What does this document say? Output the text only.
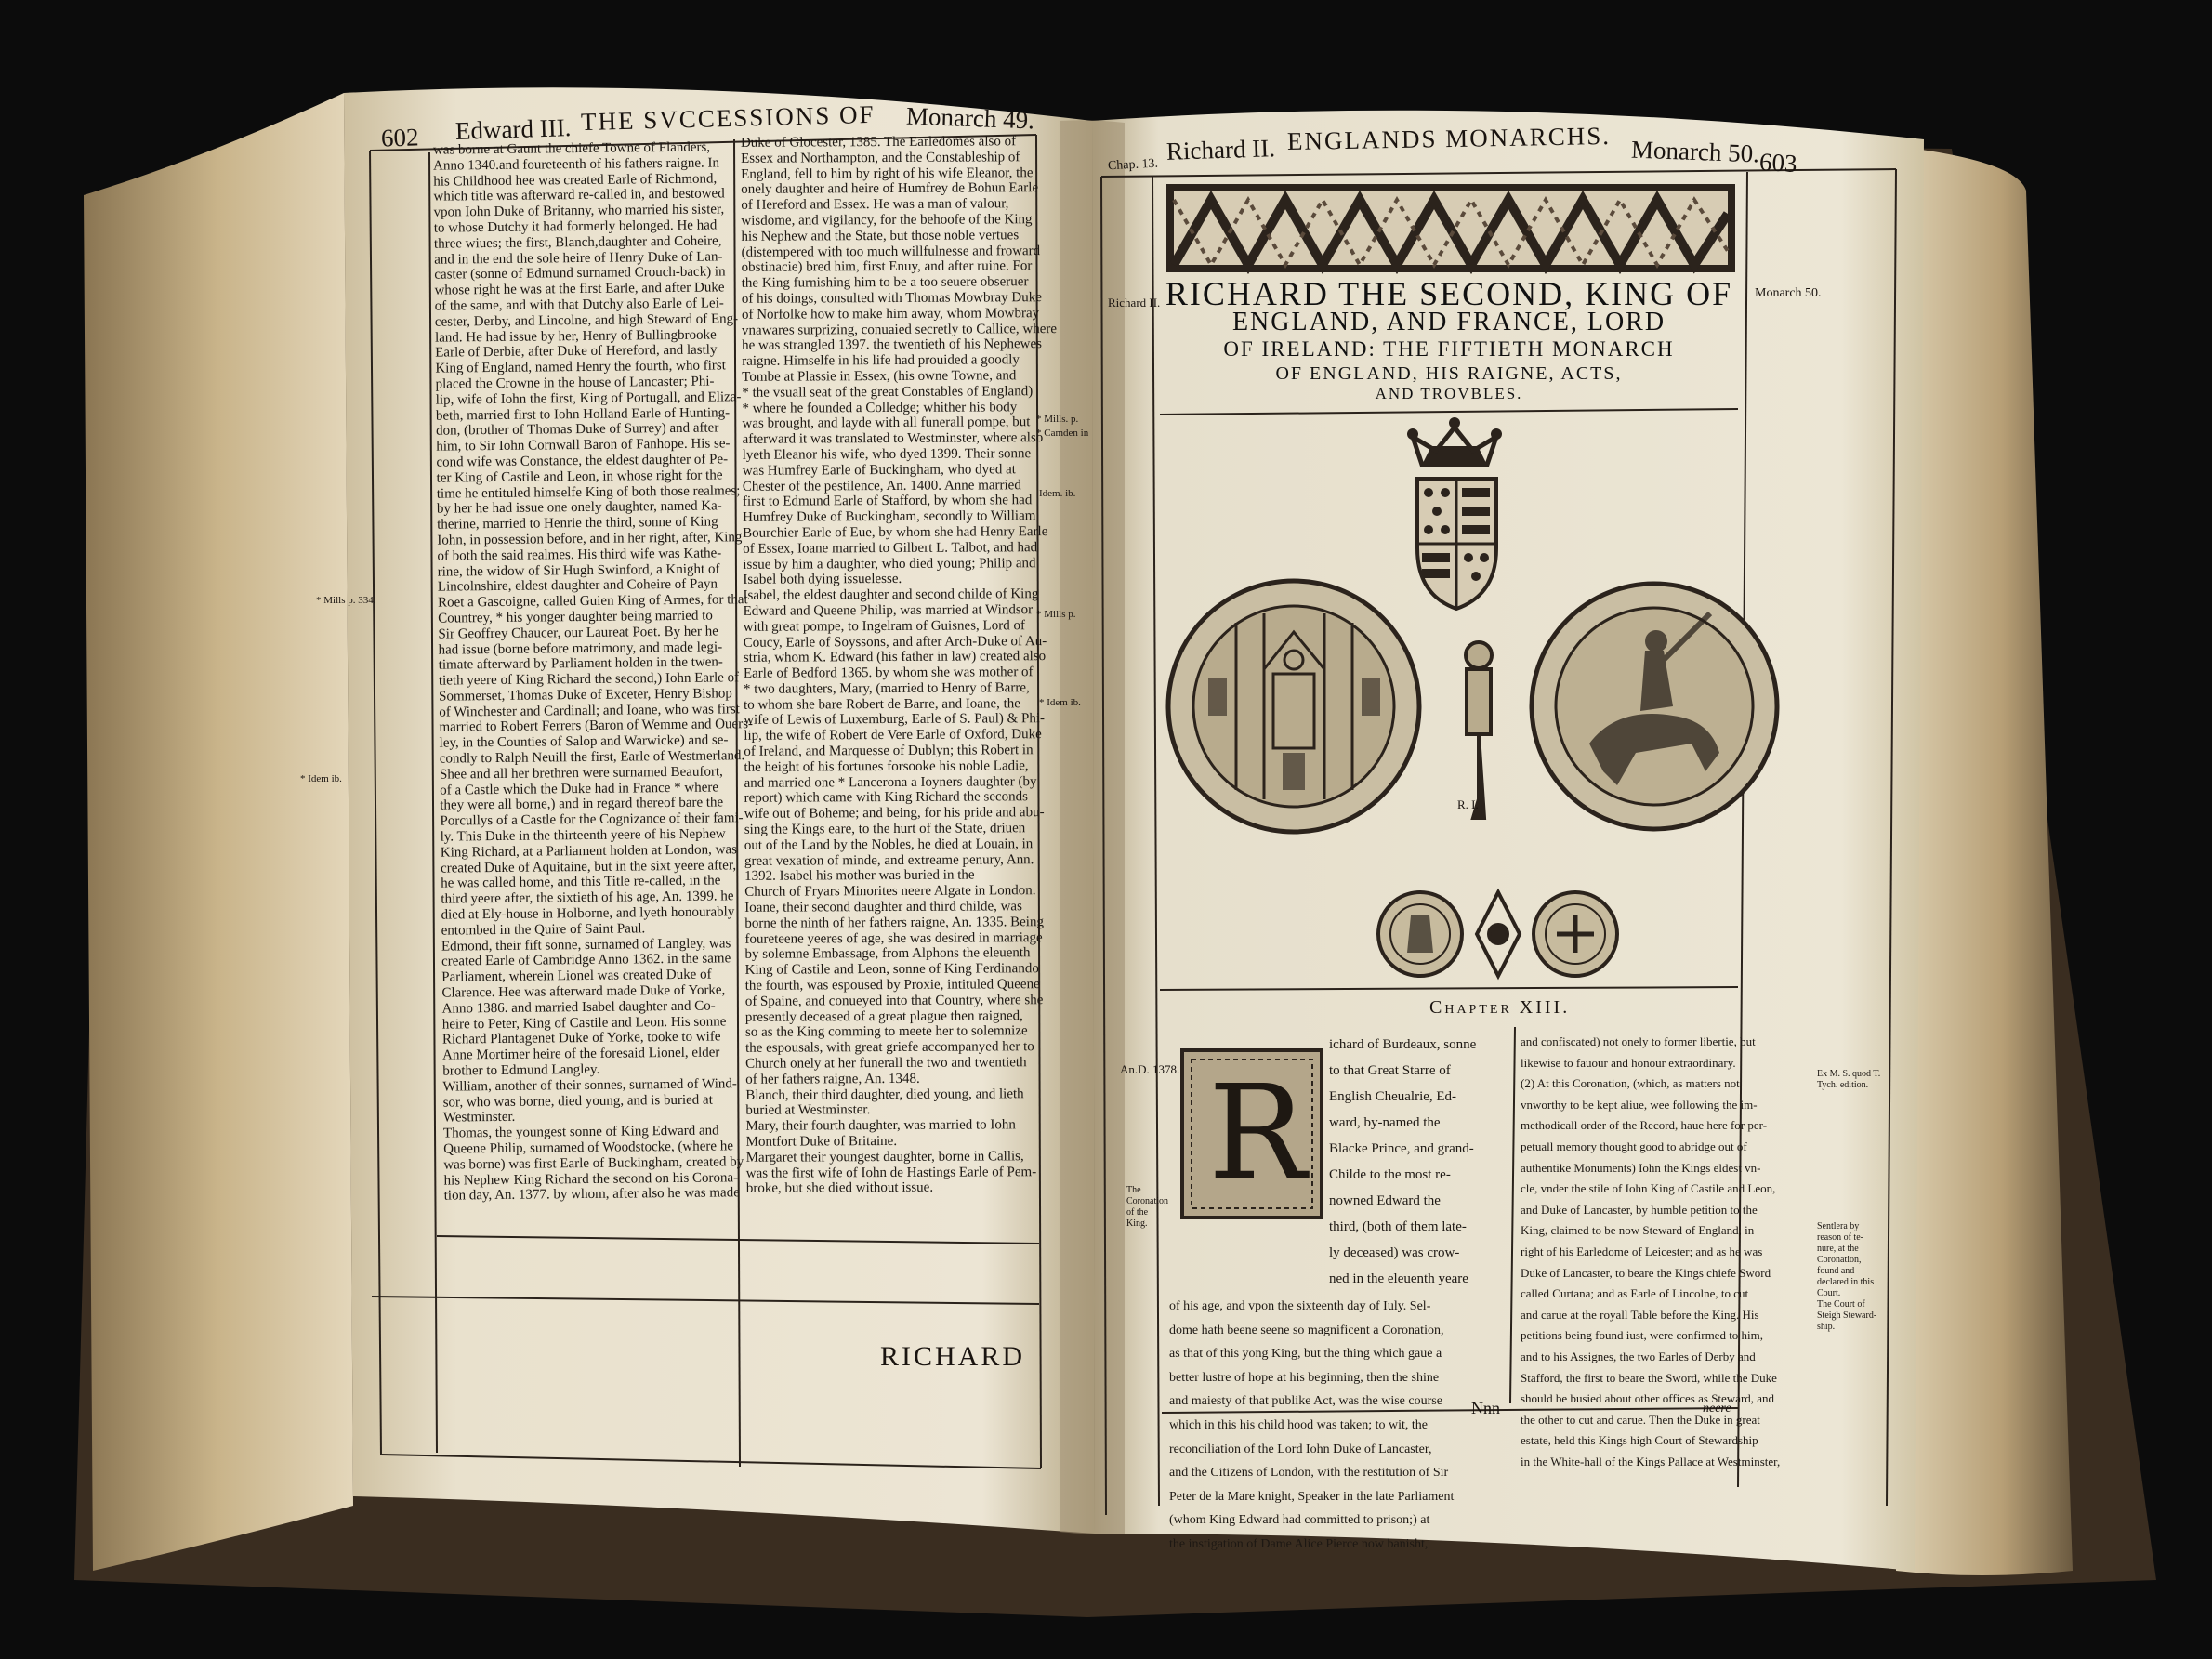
602 Edward III. THE SVCCESSIONS OF Monarch 49.

was borne at Gaunt the chiefe Towne of Flanders,

Anno 1340.and foureteenth of his fathers raigne. In

his Childhood hee was created Earle of Richmond,

which title was afterward re-called in, and bestowed

vpon Iohn Duke of Britanny, who married his sister,

to whose Dutchy it had formerly belonged. He had

three wiues; the first, Blanch,daughter and Coheire,

and in the end the sole heire of Henry Duke of Lan-

caster (sonne of Edmund surnamed Crouch-back) in

whose right he was at the first Earle, and after Duke

of the same, and with that Dutchy also Earle of Lei-

cester, Derby, and Lincolne, and high Steward of Eng-

land. He had issue by her, Henry of Bullingbrooke

Earle of Derbie, after Duke of Hereford, and lastly

King of England, named Henry the fourth, who first

placed the Crowne in the house of Lancaster; Phi-

lip, wife of Iohn the first, King of Portugall, and Eliza-

beth, married first to Iohn Holland Earle of Hunting-

don, (brother of Thomas Duke of Surrey) and after

him, to Sir Iohn Cornwall Baron of Fanhope. His se-

cond wife was Constance, the eldest daughter of Pe-

ter King of Castile and Leon, in whose right for the

time he entituled himselfe King of both those realmes;

by her he had issue one onely daughter, named Ka-

therine, married to Henrie the third, sonne of King

Iohn, in possession before, and in her right, after, King

of both the said realmes. His third wife was Kathe-

rine, the widow of Sir Hugh Swinford, a Knight of

Lincolnshire, eldest daughter and Coheire of Payn

Roet a Gascoigne, called Guien King of Armes, for that

Countrey, * his yonger daughter being married to

Sir Geoffrey Chaucer, our Laureat Poet. By her he

had issue (borne before matrimony, and made legi-

timate afterward by Parliament holden in the twen-

tieth yeere of King Richard the second,) Iohn Earle of

Sommerset, Thomas Duke of Exceter, Henry Bishop

of Winchester and Cardinall; and Ioane, who was first

married to Robert Ferrers (Baron of Wemme and Ouers-

ley, in the Counties of Salop and Warwicke) and se-

condly to Ralph Neuill the first, Earle of Westmerland.

Shee and all her brethren were surnamed Beaufort,

of a Castle which the Duke had in France * where

they were all borne,) and in regard thereof bare the

Porcullys of a Castle for the Cognizance of their fami-

ly. This Duke in the thirteenth yeere of his Nephew

King Richard, at a Parliament holden at London, was

created Duke of Aquitaine, but in the sixt yeere after,

he was called home, and this Title re-called, in the

third yeere after, the sixtieth of his age, An. 1399. he

died at Ely-house in Holborne, and lyeth honourably

entombed in the Quire of Saint Paul.

Edmond, their fift sonne, surnamed of Langley, was

created Earle of Cambridge Anno 1362. in the same

Parliament, wherein Lionel was created Duke of

Clarence. Hee was afterward made Duke of Yorke,

Anno 1386. and married Isabel daughter and Co-

heire to Peter, King of Castile and Leon. His sonne

Richard Plantagenet Duke of Yorke, tooke to wife

Anne Mortimer heire of the foresaid Lionel, elder

brother to Edmund Langley.

William, another of their sonnes, surnamed of Wind-

sor, who was borne, died young, and is buried at

Westminster.

Thomas, the youngest sonne of King Edward and

Queene Philip, surnamed of Woodstocke, (where he

was borne) was first Earle of Buckingham, created by

his Nephew King Richard the second on his Corona-

tion day, An. 1377. by whom, after also he was made

Duke of Glocester, 1385. The Earledomes also of

Essex and Northampton, and the Constableship of

England, fell to him by right of his wife Eleanor, the

onely daughter and heire of Humfrey de Bohun Earle

of Hereford and Essex. He was a man of valour,

wisdome, and vigilancy, for the behoofe of the King

his Nephew and the State, but those noble vertues

(distempered with too much willfulnesse and froward

obstinacie) bred him, first Enuy, and after ruine. For

the King furnishing him to be a too seuere obseruer

of his doings, consulted with Thomas Mowbray Duke

of Norfolke how to make him away, whom Mowbray

vnawares surprizing, conuaied secretly to Callice, where

he was strangled 1397. the twentieth of his Nephewes

raigne. Himselfe in his life had prouided a goodly

Tombe at Plassie in Essex, (his owne Towne, and

* the vsuall seat of the great Constables of England)

* where he founded a Colledge; whither his body

was brought, and layde with all funerall pompe, but

afterward it was translated to Westminster, where also

lyeth Eleanor his wife, who dyed 1399. Their sonne

was Humfrey Earle of Buckingham, who dyed at

Chester of the pestilence, An. 1400. Anne married

first to Edmund Earle of Stafford, by whom she had

Humfrey Duke of Buckingham, secondly to William

Bourchier Earle of Eue, by whom she had Henry Earle

of Essex, Ioane married to Gilbert L. Talbot, and had

issue by him a daughter, who died young; Philip and

Isabel both dying issuelesse.

Isabel, the eldest daughter and second childe of King

Edward and Queene Philip, was married at Windsor

with great pompe, to Ingelram of Guisnes, Lord of

Coucy, Earle of Soyssons, and after Arch-Duke of Au-

stria, whom K. Edward (his father in law) created also

Earle of Bedford 1365. by whom she was mother of

* two daughters, Mary, (married to Henry of Barre,

to whom she bare Robert de Barre, and Ioane, the

wife of Lewis of Luxemburg, Earle of S. Paul) & Phi-

lip, the wife of Robert de Vere Earle of Oxford, Duke

of Ireland, and Marquesse of Dublyn; this Robert in

the height of his fortunes forsooke his noble Ladie,

and married one * Lancerona a Ioyners daughter (by

report) which came with King Richard the seconds

wife out of Boheme; and being, for his pride and abu-

sing the Kings eare, to the hurt of the State, driuen

out of the Land by the Nobles, he died at Louain, in

great vexation of minde, and extreame penury, Ann.

1392. Isabel his mother was buried in the

Church of Fryars Minorites neere Algate in London.

Ioane, their second daughter and third childe, was

borne the ninth of her fathers raigne, An. 1335. Being

foureteene yeeres of age, she was desired in marriage

by solemne Embassage, from Alphons the eleuenth

King of Castile and Leon, sonne of King Ferdinando

the fourth, was espoused by Proxie, intituled Queene

of Spaine, and conueyed into that Country, where she

presently deceased of a great plague then raigned,

so as the King comming to meete her to solemnize

the espousals, with great griefe accompanyed her to

Church onely at her funerall the two and twentieth

of her fathers raigne, An. 1348.

Blanch, their third daughter, died young, and lieth

buried at Westminster.

Mary, their fourth daughter, was married to Iohn

Montfort Duke of Britaine.

Margaret their youngest daughter, borne in Callis,

was the first wife of Iohn de Hastings Earle of Pem-

broke, but she died without issue.

* Mills p. 334.
* Idem ib.
* Mills. p.
* Camden in
Idem. ib.
* Mills p.
* Idem ib.
RICHARD
Chap. 13. Richard II. ENGLANDS MONARCHS. Monarch 50.
603
RICHARD THE SECOND, KING OF
ENGLAND, AND FRANCE, LORD
OF IRELAND: THE FIFTIETH MONARCH
OF ENGLAND, HIS RAIGNE, ACTS,
AND TROVBLES.
Richard II.
Monarch 50.
R. I.
Chapter XIII.
An.D. 1378.
The Coronation of the King.
R

ichard of Burdeaux, sonne

to that Great Starre of

English Cheualrie, Ed-

ward, by-named the

Blacke Prince, and grand-

Childe to the most re-

nowned Edward the

third, (both of them late-

ly deceased) was crow-

ned in the eleuenth yeare

of his age, and vpon the sixteenth day of Iuly. Sel-

dome hath beene seene so magnificent a Coronation,

as that of this yong King, but the thing which gaue a

better lustre of hope at his beginning, then the shine

and maiesty of that publike Act, was the wise course

which in this his child hood was taken; to wit, the

reconciliation of the Lord Iohn Duke of Lancaster,

and the Citizens of London, with the restitution of Sir

Peter de la Mare knight, Speaker in the late Parliament

(whom King Edward had committed to prison;) at

the instigation of Dame Alice Pierce now banisht,

and confiscated) not onely to former libertie, but

likewise to fauour and honour extraordinary.

(2) At this Coronation, (which, as matters not

vnworthy to be kept aliue, wee following the im-

methodicall order of the Record, haue here for per-

petuall memory thought good to abridge out of

authentike Monuments) Iohn the Kings eldest vn-

cle, vnder the stile of Iohn King of Castile and Leon,

and Duke of Lancaster, by humble petition to the

King, claimed to be now Steward of England, in

right of his Earledome of Leicester; and as he was

Duke of Lancaster, to beare the Kings chiefe Sword

called Curtana; and as Earle of Lincolne, to cut

and carue at the royall Table before the King. His

petitions being found iust, were confirmed to him,

and to his Assignes, the two Earles of Derby and

Stafford, the first to beare the Sword, while the Duke

should be busied about other offices as Steward, and

the other to cut and carue. Then the Duke in great

estate, held this Kings high Court of Stewardship

in the White-hall of the Kings Pallace at Westminster,

Ex M. S. quod T.
Tych. edition.
Sentlera by
reason of te-
nure, at the
Coronation,
found and
declared in this
Court.
The Court of
Steigh Steward-
ship.
Nnn	neere
